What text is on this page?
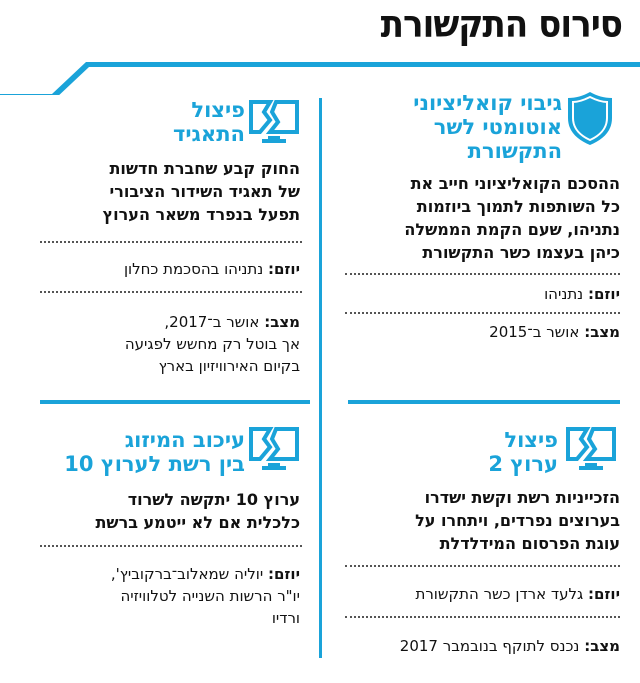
סירוס התקשורת
גיבוי קואליציוני
אוטומטי לשר
התקשורת
ההסכם הקואליציוני חייב את
כל השותפות לתמוך ביוזמות
נתניהו, שעם הקמת הממשלה
כיהן בעצמו כשר התקשורת
יוזם: נתניהו
מצב: אושר ב־2015
פיצול
התאגיד
החוק קבע שחברת חדשות
של תאגיד השידור הציבורי
תפעל בנפרד משאר הערוץ
יוזם: נתניהו בהסכמת כחלון
מצב: אושר ב־2017,
אך בוטל רק מחשש לפגיעה
בקיום האירוויזיון בארץ
פיצול
ערוץ 2
הזכייניות רשת וקשת ישדרו
בערוצים נפרדים, ויתחרו על
עוגת הפרסום המידלדלת
יוזם: גלעד ארדן כשר התקשורת
מצב: נכנס לתוקף בנובמבר 2017
עיכוב המיזוג
בין רשת לערוץ 10
ערוץ 10 יתקשה לשרוד
כלכלית אם לא ייטמע ברשת
יוזם: יוליה שמאלוב־ברקוביץ',
יו"ר הרשות השנייה לטלוויזיה
ורדיו
